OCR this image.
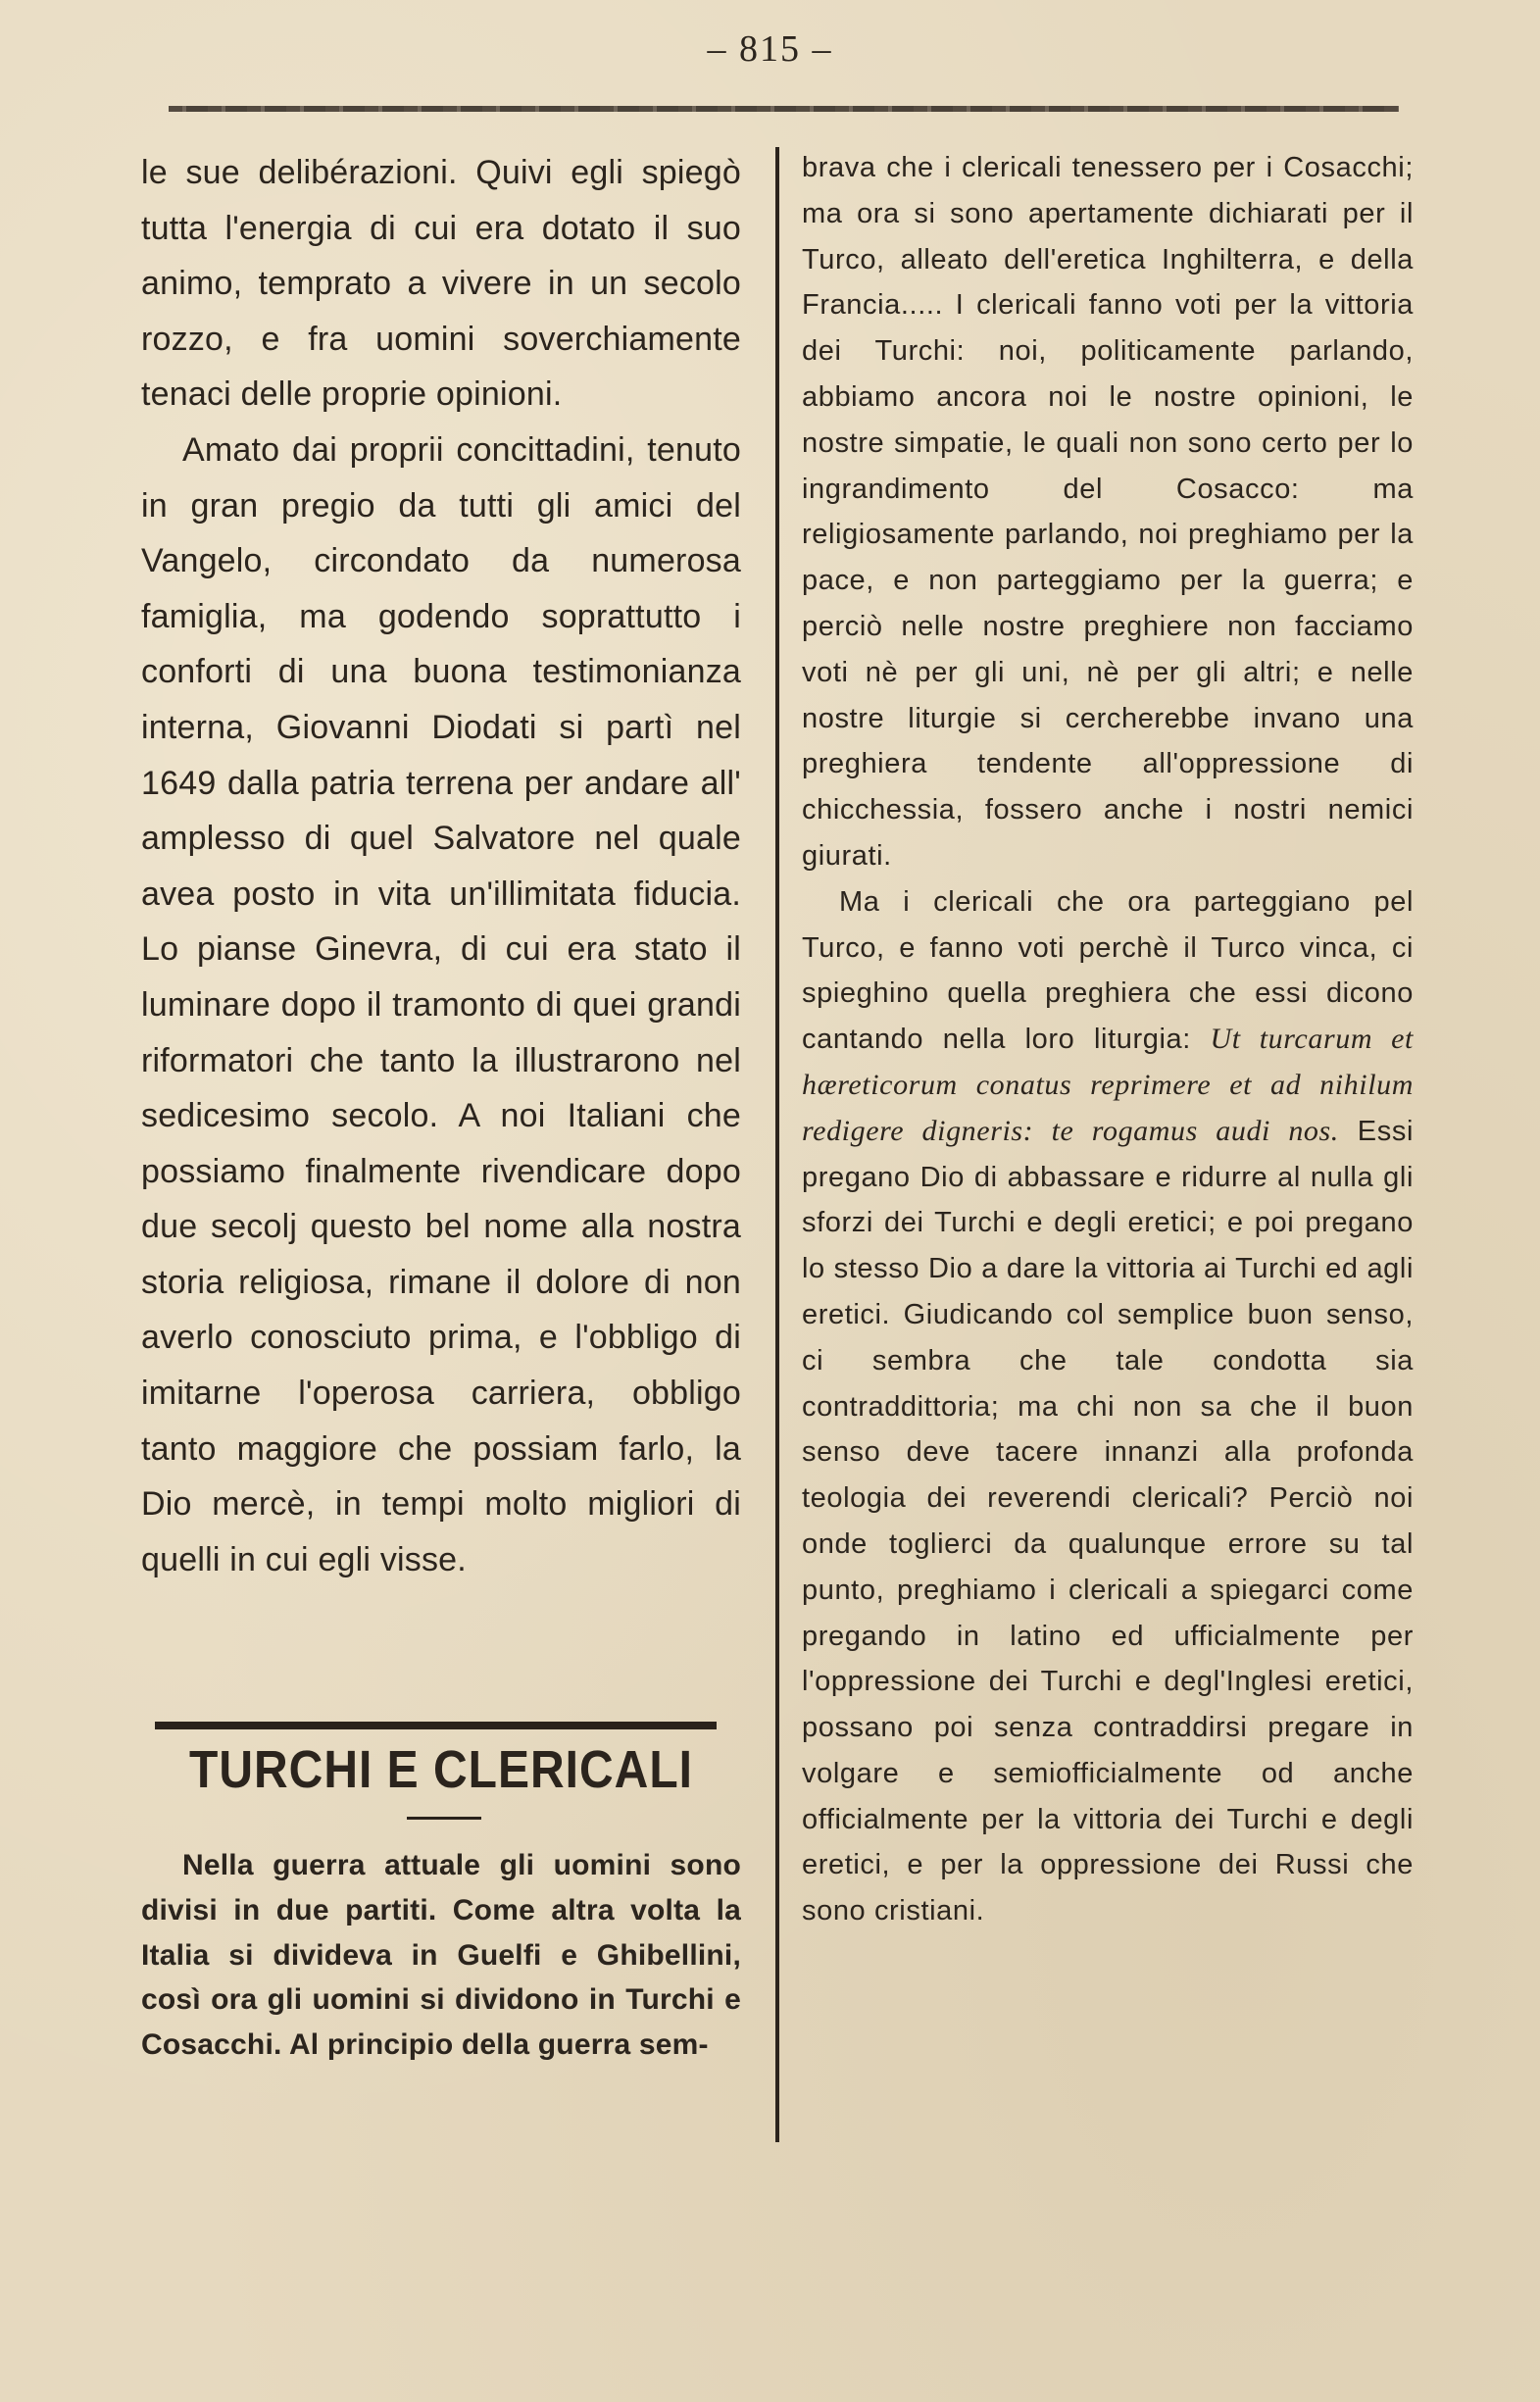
– 815 –

le sue delibérazioni. Quivi egli spiegò tutta l'energia di cui era dotato il suo animo, temprato a vivere in un secolo rozzo, e fra uomini soverchiamente tenaci delle proprie opinioni.

Amato dai proprii concittadini, tenuto in gran pregio da tutti gli amici del Vangelo, circondato da numerosa famiglia, ma godendo soprattutto i conforti di una buona testimonianza interna, Giovanni Diodati si partì nel 1649 dalla patria terrena per andare all' amplesso di quel Salvatore nel quale avea posto in vita un'illimitata fiducia. Lo pianse Ginevra, di cui era stato il luminare dopo il tramonto di quei grandi riformatori che tanto la illustrarono nel sedicesimo secolo. A noi Italiani che possiamo finalmente rivendicare dopo due secolj questo bel nome alla nostra storia religiosa, rimane il dolore di non averlo conosciuto prima, e l'obbligo di imitarne l'operosa carriera, obbligo tanto maggiore che possiam farlo, la Dio mercè, in tempi molto migliori di quelli in cui egli visse.

TURCHI E CLERICALI

Nella guerra attuale gli uomini sono divisi in due partiti. Come altra volta la Italia si divideva in Guelfi e Ghibellini, così ora gli uomini si dividono in Turchi e Cosacchi. Al principio della guerra sem-

brava che i clericali tenessero per i Cosacchi; ma ora si sono apertamente dichiarati per il Turco, alleato dell'eretica Inghilterra, e della Francia..... I clericali fanno voti per la vittoria dei Turchi: noi, politicamente parlando, abbiamo ancora noi le nostre opinioni, le nostre simpatie, le quali non sono certo per lo ingrandimento del Cosacco: ma religiosamente parlando, noi preghiamo per la pace, e non parteggiamo per la guerra; e perciò nelle nostre preghiere non facciamo voti nè per gli uni, nè per gli altri; e nelle nostre liturgie si cercherebbe invano una preghiera tendente all'oppressione di chicchessia, fossero anche i nostri nemici giurati.

Ma i clericali che ora parteggiano pel Turco, e fanno voti perchè il Turco vinca, ci spieghino quella preghiera che essi dicono cantando nella loro liturgia: Ut turcarum et hæreticorum conatus reprimere et ad nihilum redigere digneris: te rogamus audi nos. Essi pregano Dio di abbassare e ridurre al nulla gli sforzi dei Turchi e degli eretici; e poi pregano lo stesso Dio a dare la vittoria ai Turchi ed agli eretici. Giudicando col semplice buon senso, ci sembra che tale condotta sia contraddittoria; ma chi non sa che il buon senso deve tacere innanzi alla profonda teologia dei reverendi clericali? Perciò noi onde toglierci da qualunque errore su tal punto, preghiamo i clericali a spiegarci come pregando in latino ed ufficialmente per l'oppressione dei Turchi e degl'Inglesi eretici, possano poi senza contraddirsi pregare in volgare e semiofficialmente od anche officialmente per la vittoria dei Turchi e degli eretici, e per la oppressione dei Russi che sono cristiani.
